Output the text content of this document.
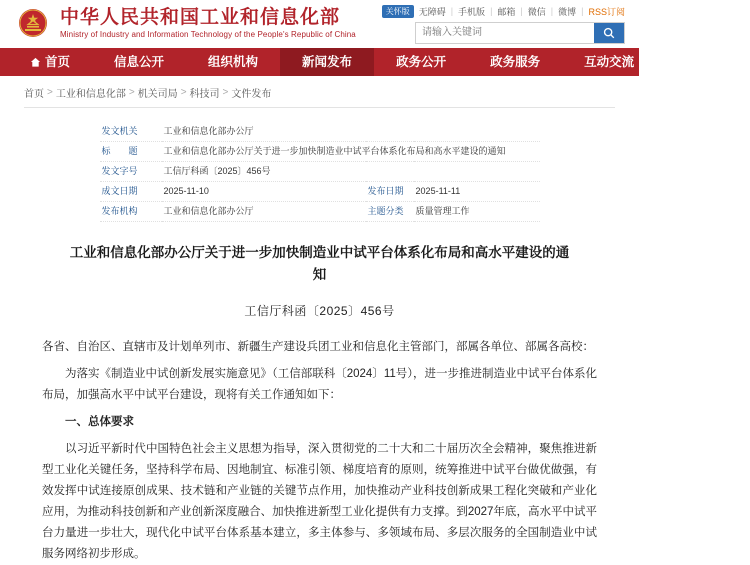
中华人民共和国工业和信息化部
Ministry of Industry and Information Technology of the People's Republic of China
关怀版	无障碍 | 手机版 | 邮箱 | 微信 | 微博 | RSS订阅
请输入关键词
首页	信息公开	组织机构	新闻发布	政务公开	政务服务	互动交流	工信数据
首页 > 工业和信息化部 > 机关司局 > 科技司 > 文件发布
发文机关	工业和信息化部办公厅		
标　　题	工业和信息化部办公厅关于进一步加快制造业中试平台体系化布局和高水平建设的通知		
发文字号	工信厅科函〔2025〕456号		
成文日期	2025-11-10	发布日期	2025-11-11
发布机构	工业和信息化部办公厅	主题分类	质量管理工作
工业和信息化部办公厅关于进一步加快制造业中试平台体系化布局和高水平建设的通知
工信厅科函〔2025〕456号

各省、自治区、直辖市及计划单列市、新疆生产建设兵团工业和信息化主管部门，部属各单位、部属各高校：

为落实《制造业中试创新发展实施意见》（工信部联科〔2024〕11号），进一步推进制造业中试平台体系化布局，加强高水平中试平台建设，现将有关工作通知如下：

一、总体要求

以习近平新时代中国特色社会主义思想为指导，深入贯彻党的二十大和二十届历次全会精神，聚焦推进新型工业化关键任务，坚持科学布局、因地制宜、标准引领、梯度培育的原则，统筹推进中试平台做优做强，有效发挥中试连接原创成果、技术链和产业链的关键节点作用，加快推动产业科技创新成果工程化突破和产业化应用，为推动科技创新和产业创新深度融合、加快推进新型工业化提供有力支撑。到2027年底，高水平中试平台力量进一步壮大，现代化中试平台体系基本建立，多主体参与、多领域布局、多层次服务的全国制造业中试服务网络初步形成。
